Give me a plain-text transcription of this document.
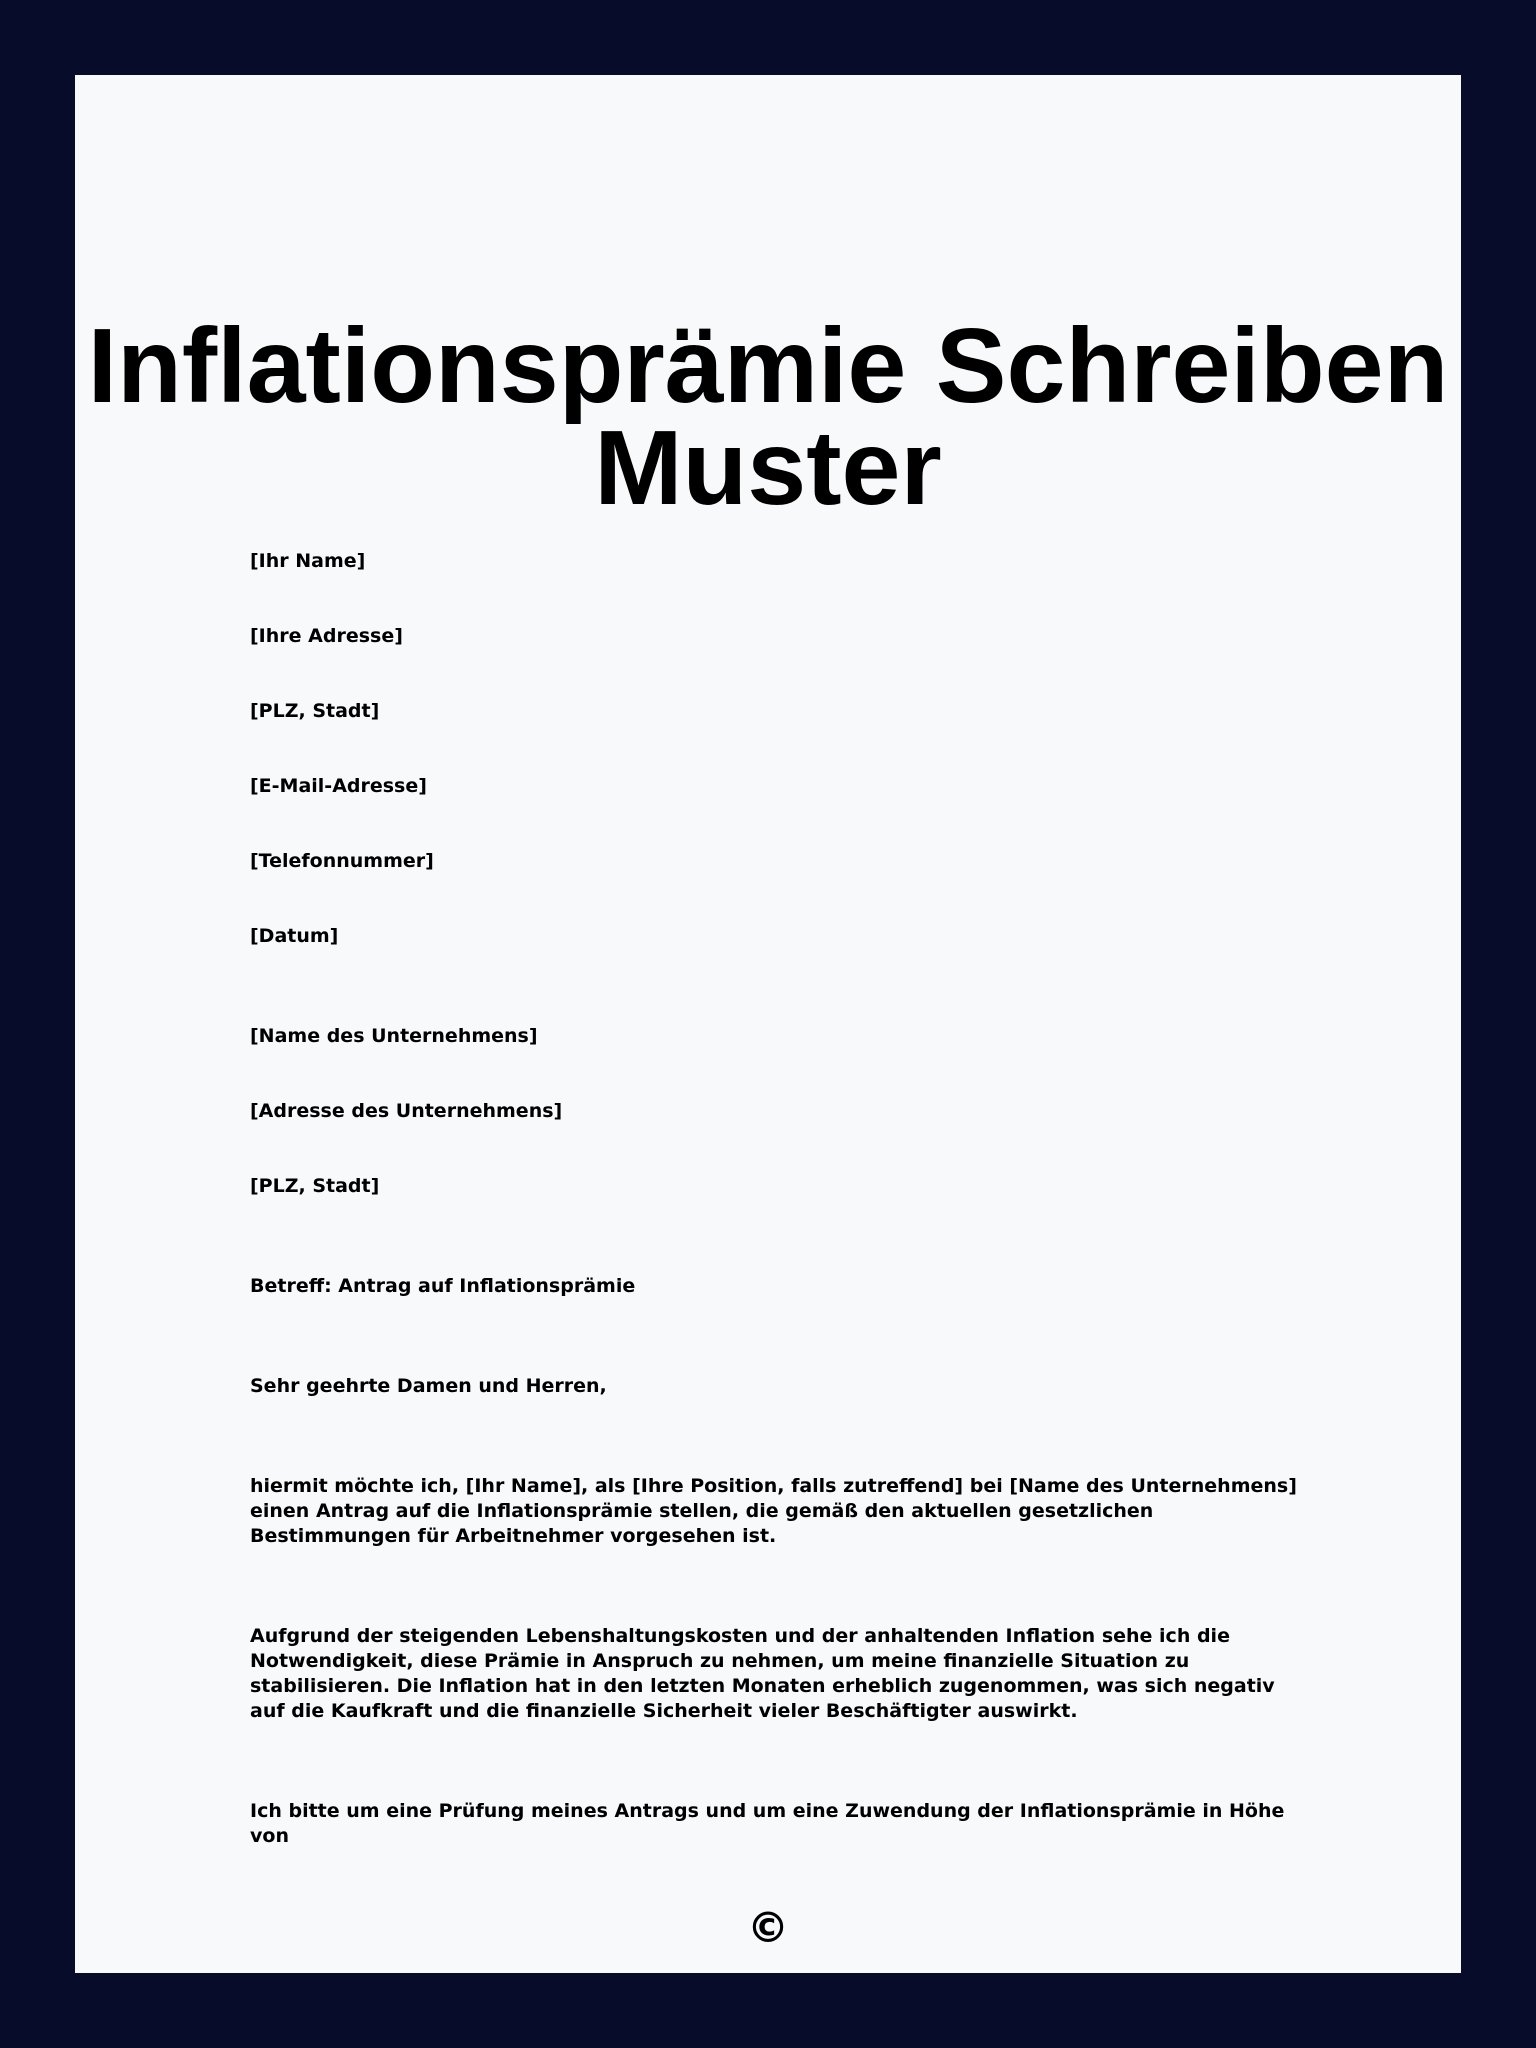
Inflationsprämie Schreiben Muster

[Ihr Name]

[Ihre Adresse]

[PLZ, Stadt]

[E-Mail-Adresse]

[Telefonnummer]

[Datum]

[Name des Unternehmens]

[Adresse des Unternehmens]

[PLZ, Stadt]

Betreff: Antrag auf Inflationsprämie

Sehr geehrte Damen und Herren,

hiermit möchte ich, [Ihr Name], als [Ihre Position, falls zutreffend] bei [Name des Unternehmens] einen Antrag auf die Inflationsprämie stellen, die gemäß den aktuellen gesetzlichen Bestimmungen für Arbeitnehmer vorgesehen ist.

Aufgrund der steigenden Lebenshaltungskosten und der anhaltenden Inflation sehe ich die Notwendigkeit, diese Prämie in Anspruch zu nehmen, um meine finanzielle Situation zu stabilisieren. Die Inflation hat in den letzten Monaten erheblich zugenommen, was sich negativ auf die Kaufkraft und die finanzielle Sicherheit vieler Beschäftigter auswirkt.

Ich bitte um eine Prüfung meines Antrags und um eine Zuwendung der Inflationsprämie in Höhe von

©
